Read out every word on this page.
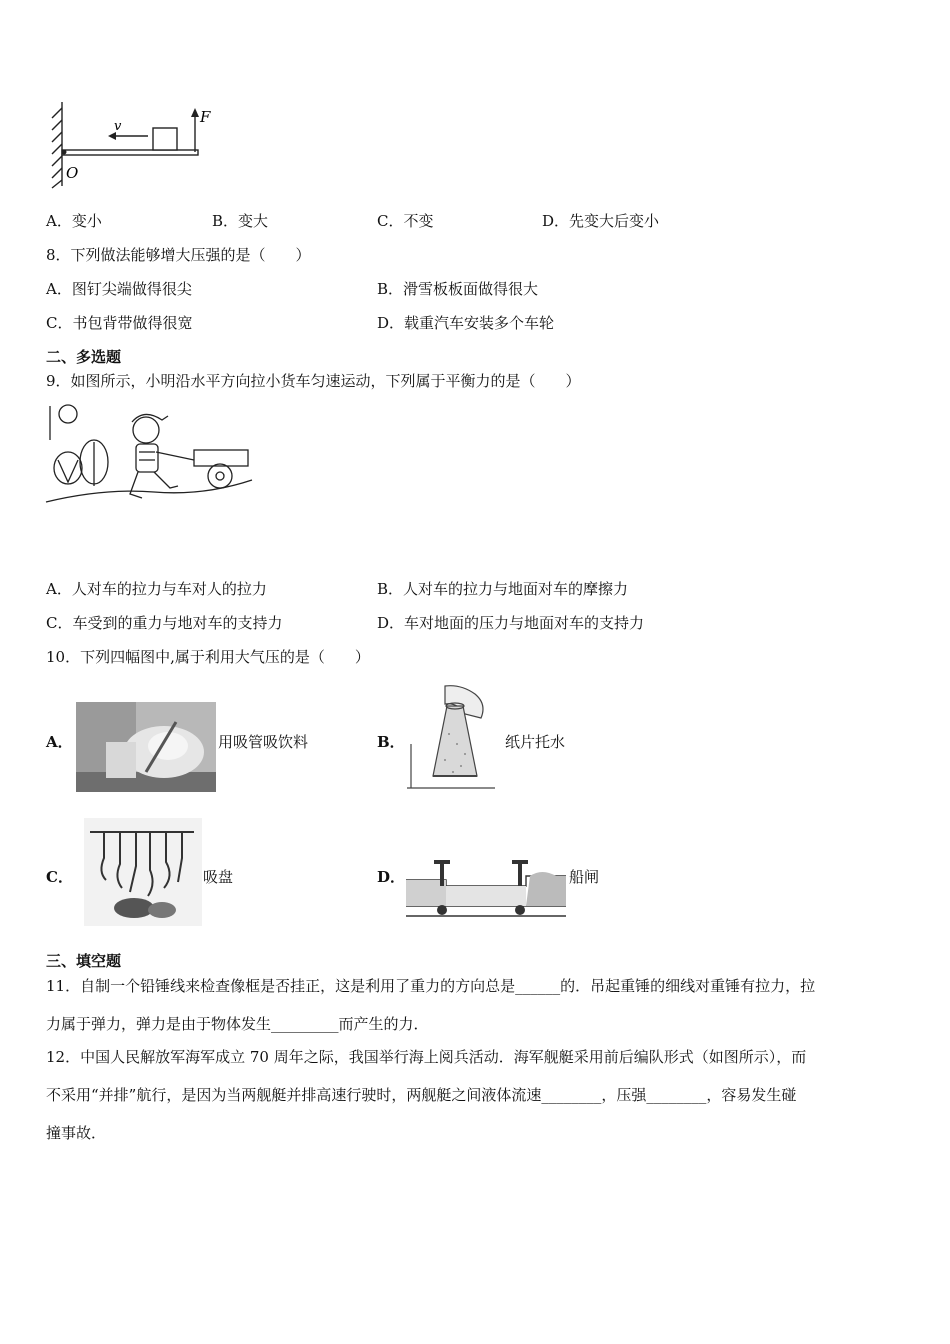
v
F
O
A．变小	B．变大	C．不变	D．先变大后变小
8．下列做法能够增大压强的是（　　）
A．图钉尖端做得很尖	B．滑雪板板面做得很大
C．书包背带做得很宽	D．载重汽车安装多个车轮
二、多选题
9．如图所示，小明沿水平方向拉小货车匀速运动，下列属于平衡力的是（　　）
A．人对车的拉力与车对人的拉力	B．人对车的拉力与地面对车的摩擦力
C．车受到的重力与地对车的支持力	D．车对地面的压力与地面对车的支持力
10．下列四幅图中,属于利用大气压的是（　　）
A．	用吸管吸饮料	B．	纸片托水
C．	吸盘	D．	船闸
三、填空题
11．自制一个铅锤线来检查像框是否挂正，这是利用了重力的方向总是______的．吊起重锤的细线对重锤有拉力，拉
力属于弹力，弹力是由于物体发生_________而产生的力．
12．中国人民解放军海军成立 70 周年之际，我国举行海上阅兵活动．海军舰艇采用前后编队形式（如图所示），而
不采用“并排”航行，是因为当两舰艇并排高速行驶时，两舰艇之间液体流速________，压强________，容易发生碰
撞事故．
